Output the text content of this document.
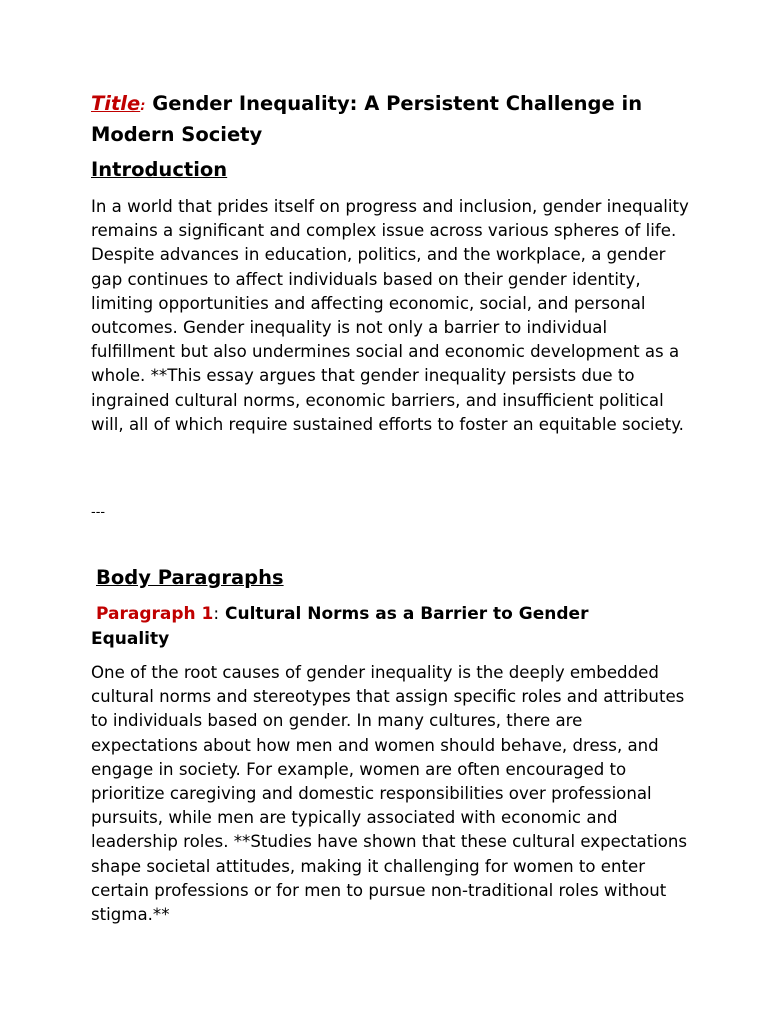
Title: Gender Inequality: A Persistent Challenge in Modern Society
Introduction

In a world that prides itself on progress and inclusion, gender inequality remains a significant and complex issue across various spheres of life. Despite advances in education, politics, and the workplace, a gender gap continues to affect individuals based on their gender identity, limiting opportunities and affecting economic, social, and personal outcomes. Gender inequality is not only a barrier to individual fulfillment but also undermines social and economic development as a whole. **This essay argues that gender inequality persists due to ingrained cultural norms, economic barriers, and insufficient political will, all of which require sustained efforts to foster an equitable society.

---

Body Paragraphs

Paragraph 1: Cultural Norms as a Barrier to Gender

Equality

One of the root causes of gender inequality is the deeply embedded cultural norms and stereotypes that assign specific roles and attributes to individuals based on gender. In many cultures, there are expectations about how men and women should behave, dress, and engage in society. For example, women are often encouraged to prioritize caregiving and domestic responsibilities over professional pursuits, while men are typically associated with economic and leadership roles. **Studies have shown that these cultural expectations shape societal attitudes, making it challenging for women to enter certain professions or for men to pursue non-traditional roles without stigma.**
